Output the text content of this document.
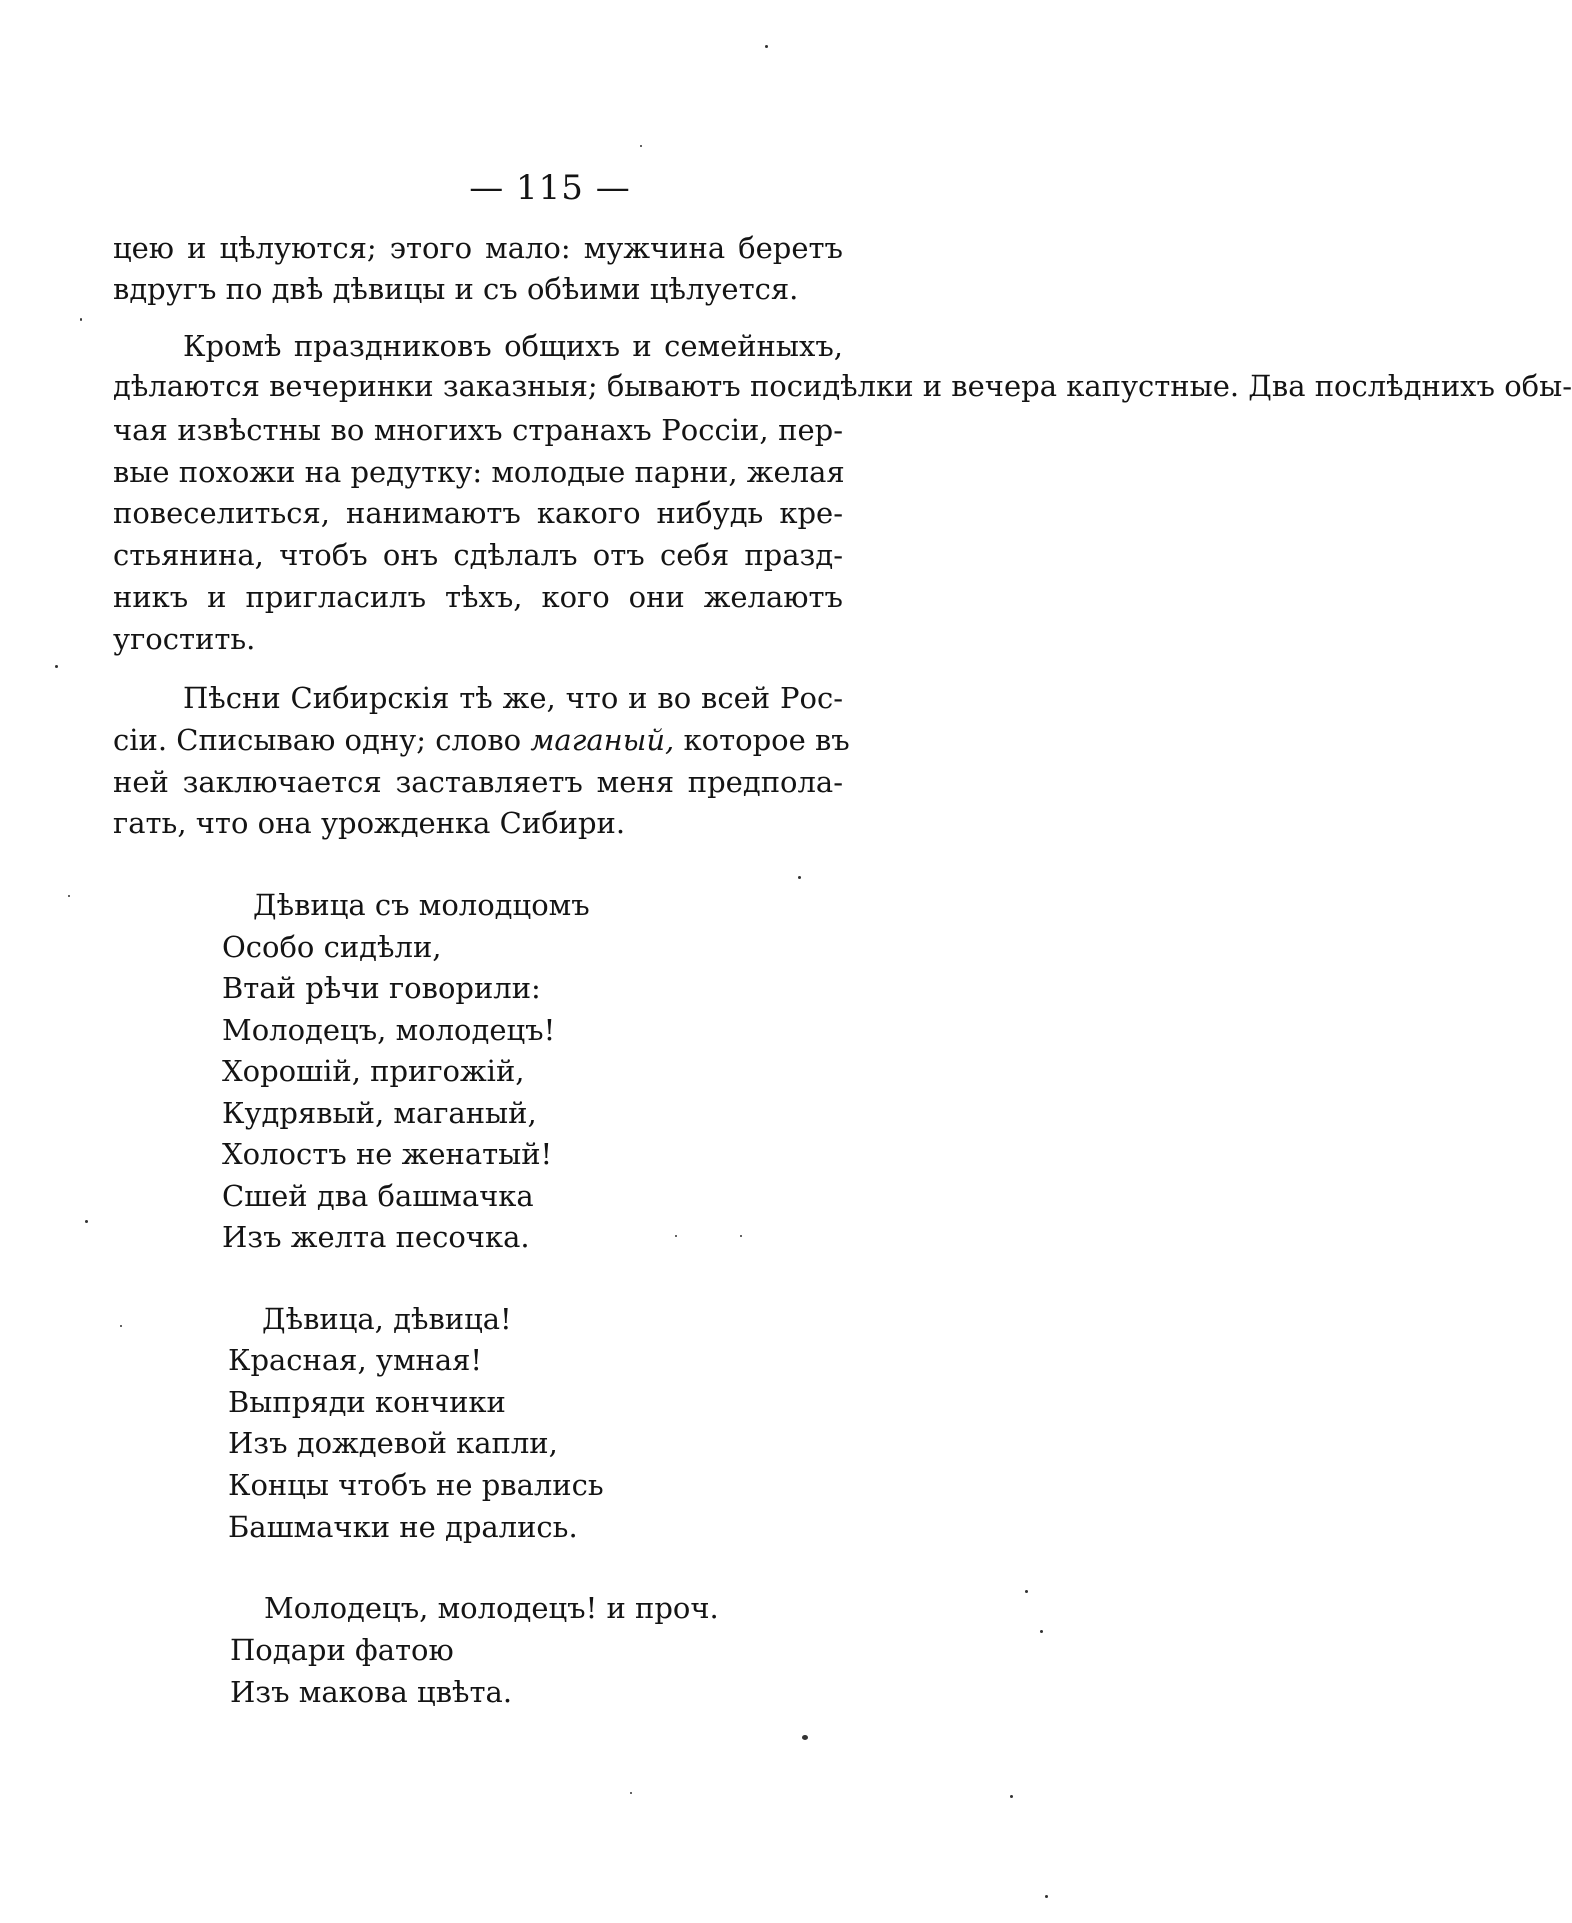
— 115 —
цею и цѣлуются; этого мало: мужчина беретъ
вдругъ по двѣ дѣвицы и съ обѣими цѣлуется.
Кромѣ праздниковъ общихъ и семейныхъ,
дѣлаются вечеринки заказныя; бываютъ посидѣлки и вечера капустные. Два послѣднихъ обы-
чая извѣстны во многихъ странахъ Россіи, пер-
вые похожи на редутку: молодые парни, желая
повеселиться, нанимаютъ какого нибудь кре-
стьянина, чтобъ онъ сдѣлалъ отъ себя празд-
никъ и пригласилъ тѣхъ, кого они желаютъ
угостить.
Пѣсни Сибирскія тѣ же, что и во всей Рос-
сіи. Списываю одну; слово маганый, которое въ
ней заключается заставляетъ меня предпола-
гать, что она урожденка Сибири.
Дѣвица съ молодцомъ
Особо сидѣли,
Втай рѣчи говорили:
Молодецъ, молодецъ!
Хорошій, пригожій,
Кудрявый, маганый,
Холостъ не женатый!
Сшей два башмачка
Изъ желта песочка.
Дѣвица, дѣвица!
Красная, умная!
Выпряди кончики
Изъ дождевой капли,
Концы чтобъ не рвались
Башмачки не дрались.
Молодецъ, молодецъ! и проч.
Подари фатою
Изъ макова цвѣта.
